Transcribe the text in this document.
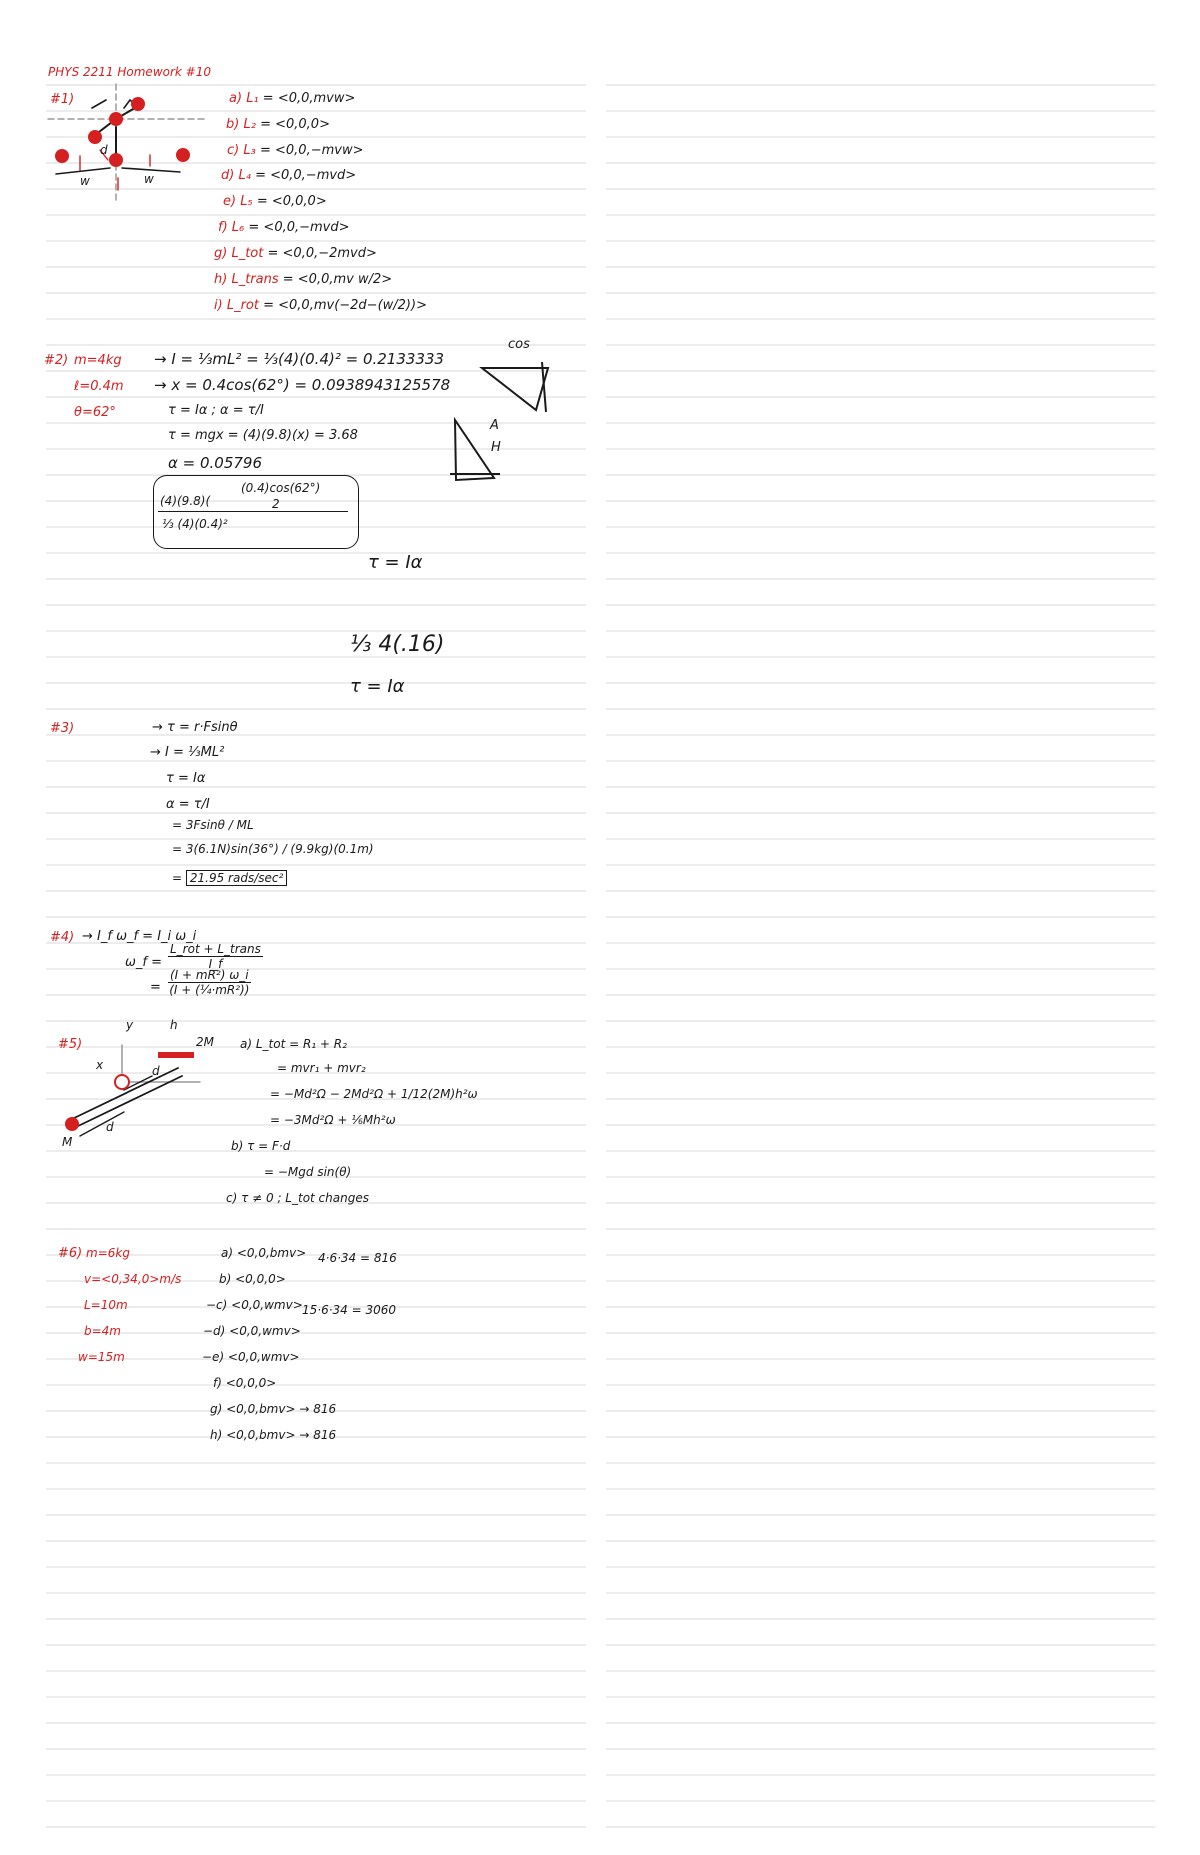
PHYS 2211 Homework #10
#1)
w	w
d
a) L₁ = <0,0,mvw>
b) L₂ = <0,0,0>
c) L₃ = <0,0,−mvw>
d) L₄ = <0,0,−mvd>
e) L₅ = <0,0,0>
f) L₆ = <0,0,−mvd>
g) L_tot = <0,0,−2mvd>
h) L_trans = <0,0,mv w/2>
i) L_rot = <0,0,mv(−2d−(w/2))>
#2) m=4kg
ℓ=0.4m
θ=62°
→ I = ⅓mL² = ⅓(4)(0.4)² = 0.2133333
→ x = 0.4cos(62°) = 0.0938943125578
τ = Iα ; α = τ/I
τ = mgx = (4)(9.8)(x) = 3.68
α = 0.05796
(4)(9.8)(
(0.4)cos(62°)
2
⅓ (4)(0.4)²
cos
A
H
τ = Iα
⅓ 4(.16)
τ = Iα
#3)	→ τ = r·Fsinθ
→ I = ⅓ML²
τ = Iα
α = τ/I
= 3Fsinθ / ML
= 3(6.1N)sin(36°) / (9.9kg)(0.1m)
= 21.95 rads/sec²
#4) → I_f ω_f = I_i ω_i
ω_f =
L_rot + L_trans
I_f
= $\frac{\text{(I + mR²) ω\_i}}{\text{(I + (¼·mR²))}}$
#5)
h
2M
M
d
d
x
y
a) L_tot = R₁ + R₂
= mvr₁ + mvr₂
= −Md²Ω − 2Md²Ω + 1/12(2M)h²ω
= −3Md²Ω + ⅙Mh²ω
b) τ = F·d
= −Mgd sin(θ)
c) τ ≠ 0 ; L_tot changes
#6) m=6kg
v=<0,34,0>m/s
L=10m
b=4m
w=15m
a) <0,0,bmv>
b) <0,0,0>
−c) <0,0,wmv>
−d) <0,0,wmv>
−e) <0,0,wmv>
f) <0,0,0>
g) <0,0,bmv> → 816
h) <0,0,bmv> → 816
4·6·34 = 816
15·6·34 = 3060
